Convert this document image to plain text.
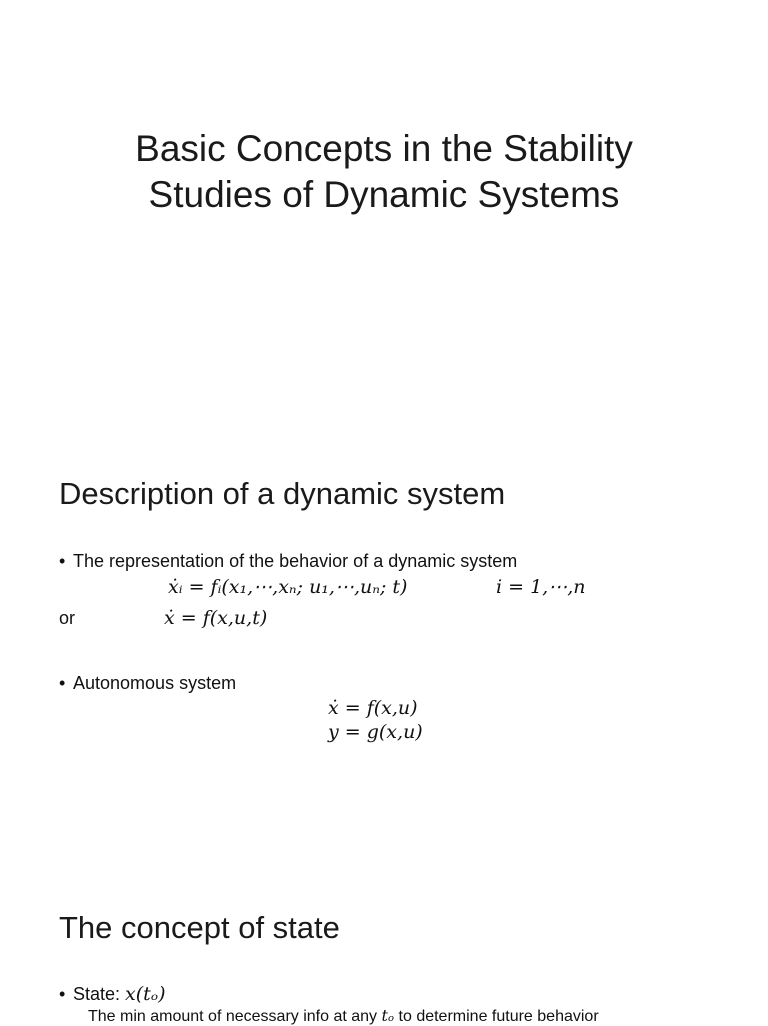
Basic Concepts in the Stability
Studies of Dynamic Systems
Description of a dynamic system
• The representation of the behavior of a dynamic system
ẋᵢ = fᵢ(x₁,⋯,xₙ; u₁,⋯,uₙ; t)	i = 1,⋯,n
or	ẋ = f(x,u,t)
• Autonomous system
ẋ = f(x,u)
y = g(x,u)
The concept of state
• State: x(tₒ)
The min amount of necessary info at any tₒ to determine future behavior
